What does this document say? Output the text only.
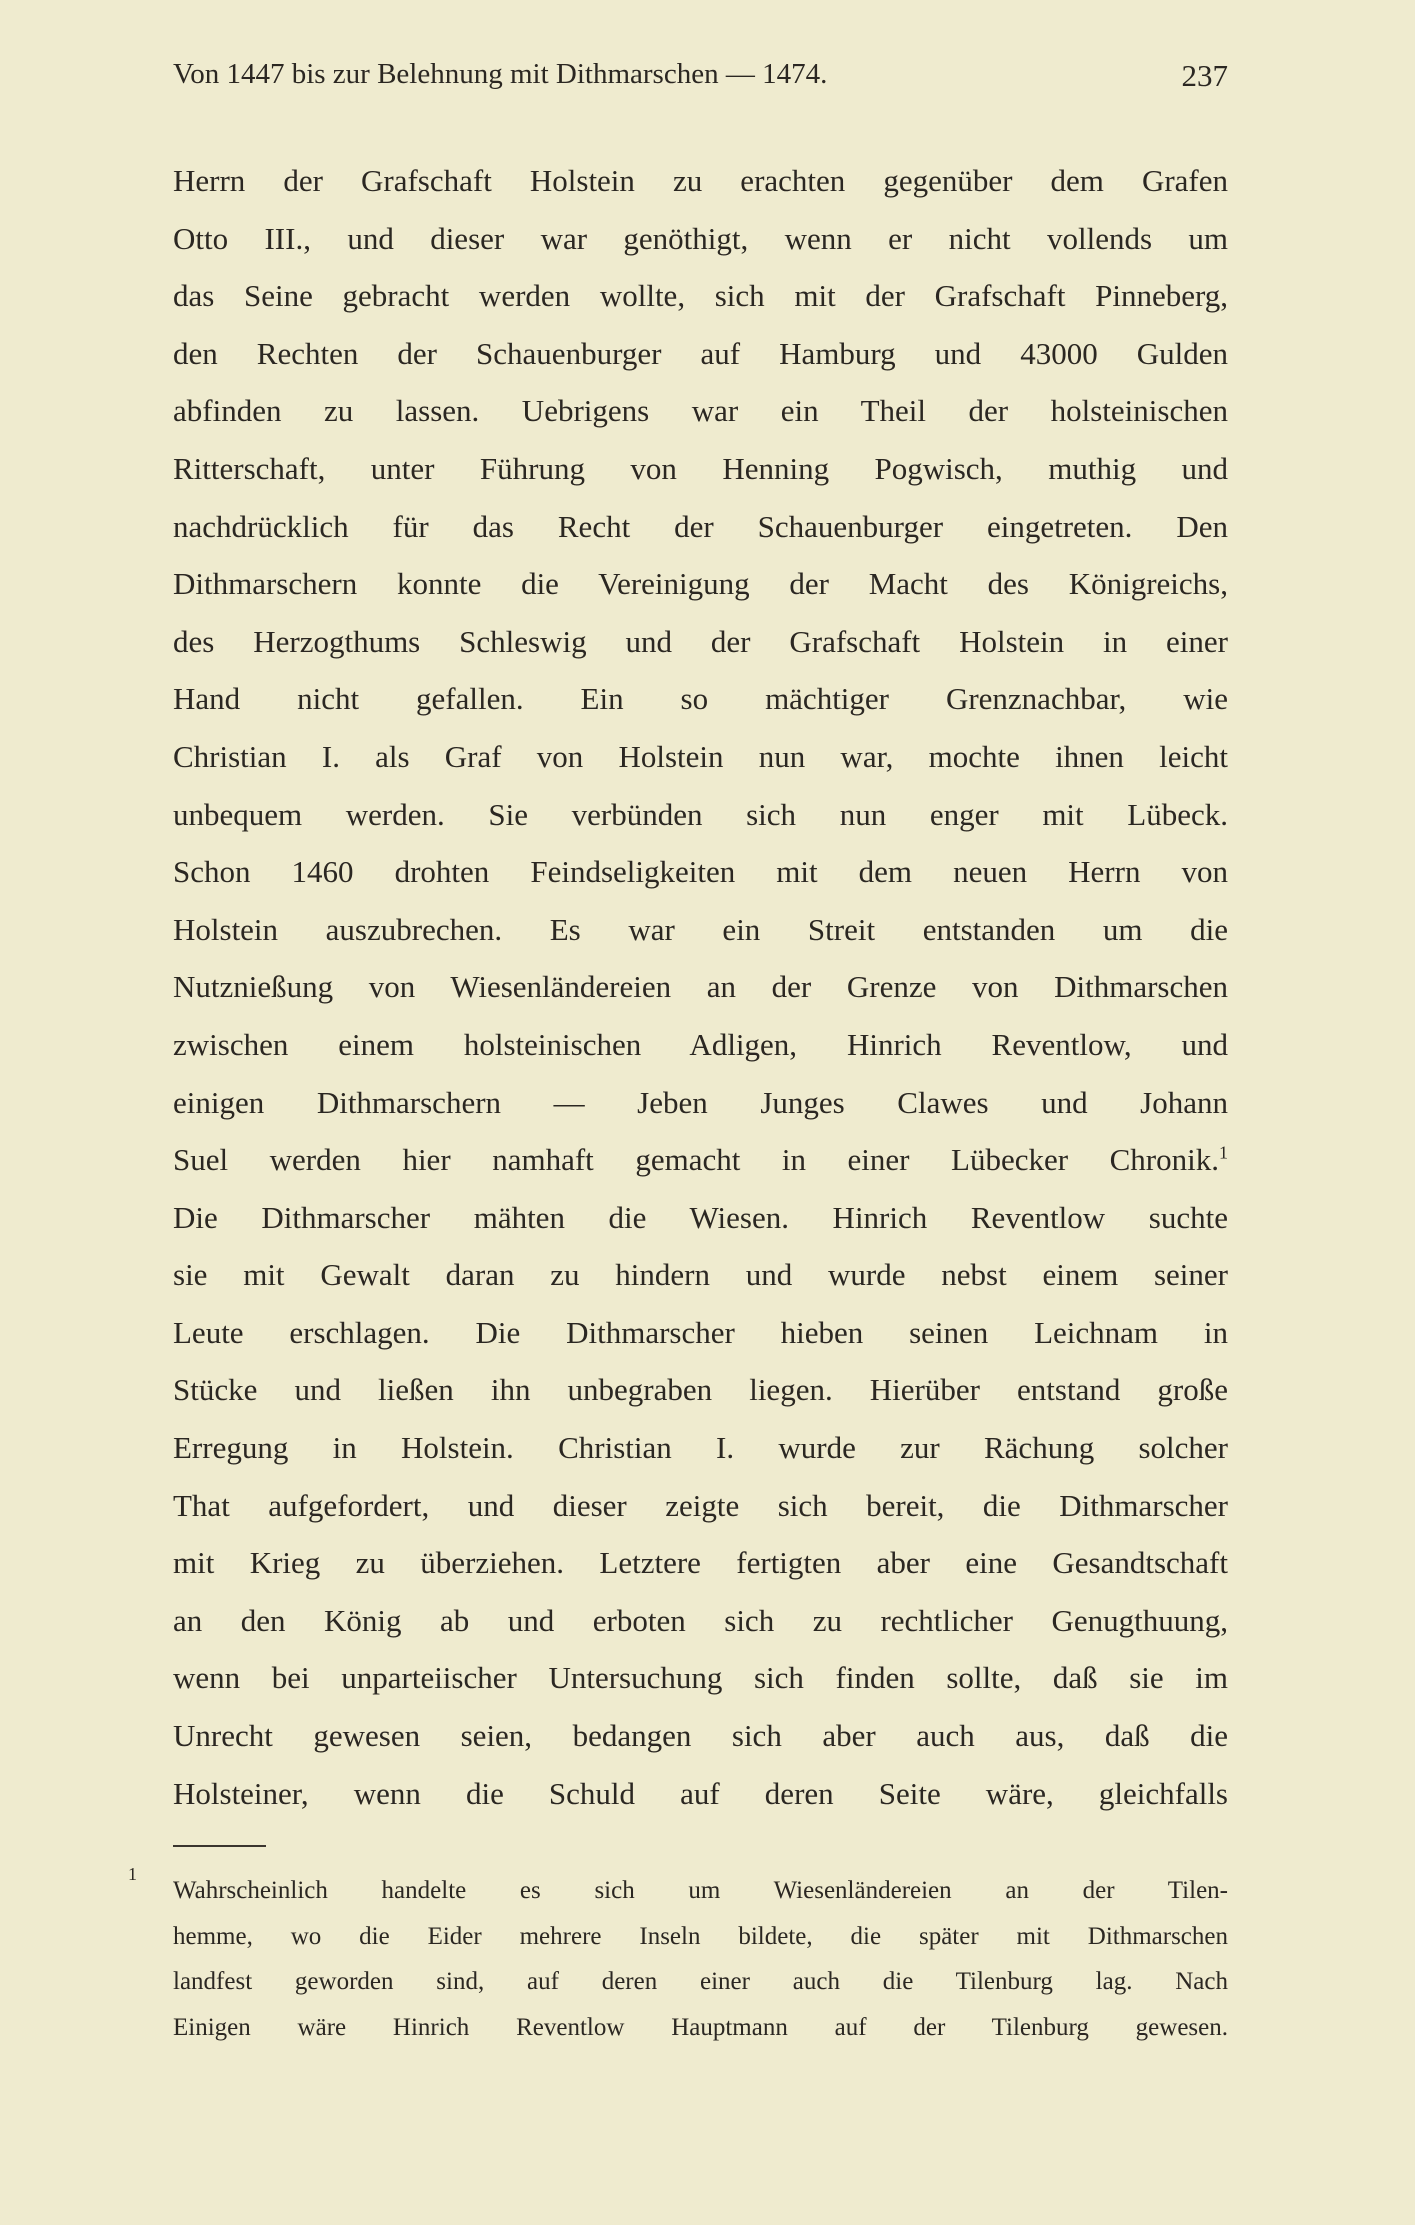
Von 1447 bis zur Belehnung mit Dithmarschen — 1474.	237
Herrn der Grafschaft Holstein zu erachten gegenüber dem Grafen
Otto III., und dieser war genöthigt, wenn er nicht vollends um
das Seine gebracht werden wollte, sich mit der Grafschaft Pinneberg,
den Rechten der Schauenburger auf Hamburg und 43000 Gulden
abfinden zu lassen. Uebrigens war ein Theil der holsteinischen
Ritterschaft, unter Führung von Henning Pogwisch, muthig und
nachdrücklich für das Recht der Schauenburger eingetreten. Den
Dithmarschern konnte die Vereinigung der Macht des Königreichs,
des Herzogthums Schleswig und der Grafschaft Holstein in einer
Hand nicht gefallen. Ein so mächtiger Grenznachbar, wie
Christian I. als Graf von Holstein nun war, mochte ihnen leicht
unbequem werden. Sie verbünden sich nun enger mit Lübeck.
Schon 1460 drohten Feindseligkeiten mit dem neuen Herrn von
Holstein auszubrechen. Es war ein Streit entstanden um die
Nutznießung von Wiesenländereien an der Grenze von Dithmarschen
zwischen einem holsteinischen Adligen, Hinrich Reventlow, und
einigen Dithmarschern — Jeben Junges Clawes und Johann
Suel werden hier namhaft gemacht in einer Lübecker Chronik.$^1$
Die Dithmarscher mähten die Wiesen. Hinrich Reventlow suchte
sie mit Gewalt daran zu hindern und wurde nebst einem seiner
Leute erschlagen. Die Dithmarscher hieben seinen Leichnam in
Stücke und ließen ihn unbegraben liegen. Hierüber entstand große
Erregung in Holstein. Christian I. wurde zur Rächung solcher
That aufgefordert, und dieser zeigte sich bereit, die Dithmarscher
mit Krieg zu überziehen. Letztere fertigten aber eine Gesandtschaft
an den König ab und erboten sich zu rechtlicher Genugthuung,
wenn bei unparteiischer Untersuchung sich finden sollte, daß sie im
Unrecht gewesen seien, bedangen sich aber auch aus, daß die
Holsteiner, wenn die Schuld auf deren Seite wäre, gleichfalls
1
Wahrscheinlich handelte es sich um Wiesenländereien an der Tilen-
hemme, wo die Eider mehrere Inseln bildete, die später mit Dithmarschen
landfest geworden sind, auf deren einer auch die Tilenburg lag. Nach
Einigen wäre Hinrich Reventlow Hauptmann auf der Tilenburg gewesen.
